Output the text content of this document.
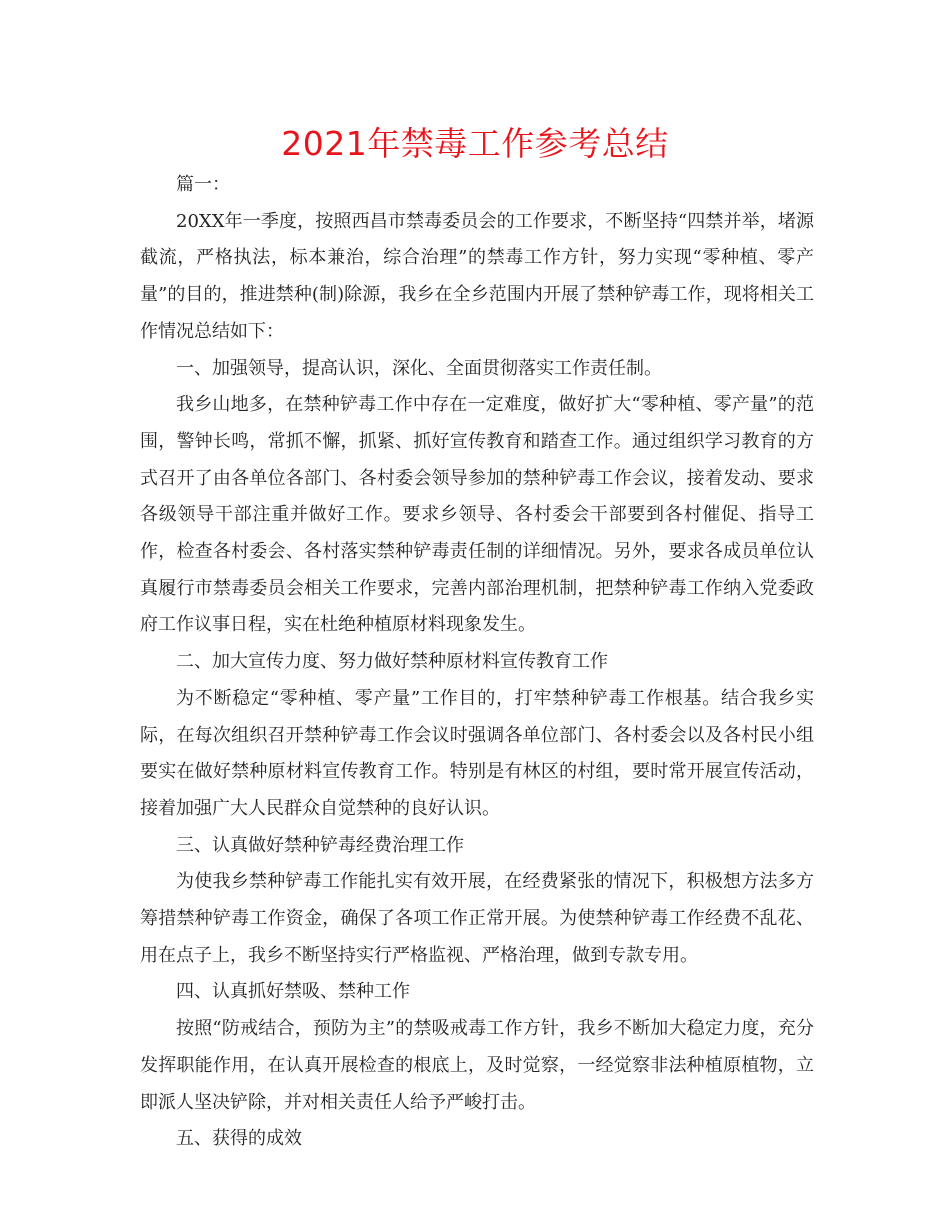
2021年禁毒工作参考总结

篇一：

20XX年一季度，按照西昌市禁毒委员会的工作要求，不断坚持“四禁并举，堵源截流，严格执法，标本兼治，综合治理”的禁毒工作方针，努力实现“零种植、零产量”的目的，推进禁种(制)除源，我乡在全乡范围内开展了禁种铲毒工作，现将相关工作情况总结如下：

一、加强领导，提高认识，深化、全面贯彻落实工作责任制。

我乡山地多，在禁种铲毒工作中存在一定难度，做好扩大“零种植、零产量”的范围，警钟长鸣，常抓不懈，抓紧、抓好宣传教育和踏查工作。通过组织学习教育的方式召开了由各单位各部门、各村委会领导参加的禁种铲毒工作会议，接着发动、要求各级领导干部注重并做好工作。要求乡领导、各村委会干部要到各村催促、指导工作，检查各村委会、各村落实禁种铲毒责任制的详细情况。另外，要求各成员单位认真履行市禁毒委员会相关工作要求，完善内部治理机制，把禁种铲毒工作纳入党委政府工作议事日程，实在杜绝种植原材料现象发生。

二、加大宣传力度、努力做好禁种原材料宣传教育工作

为不断稳定“零种植、零产量”工作目的，打牢禁种铲毒工作根基。结合我乡实际，在每次组织召开禁种铲毒工作会议时强调各单位部门、各村委会以及各村民小组要实在做好禁种原材料宣传教育工作。特别是有林区的村组，要时常开展宣传活动，接着加强广大人民群众自觉禁种的良好认识。

三、认真做好禁种铲毒经费治理工作

为使我乡禁种铲毒工作能扎实有效开展，在经费紧张的情况下，积极想方法多方筹措禁种铲毒工作资金，确保了各项工作正常开展。为使禁种铲毒工作经费不乱花、用在点子上，我乡不断坚持实行严格监视、严格治理，做到专款专用。

四、认真抓好禁吸、禁种工作

按照“防戒结合，预防为主”的禁吸戒毒工作方针，我乡不断加大稳定力度，充分发挥职能作用，在认真开展检查的根底上，及时觉察，一经觉察非法种植原植物，立即派人坚决铲除，并对相关责任人给予严峻打击。

五、获得的成效
